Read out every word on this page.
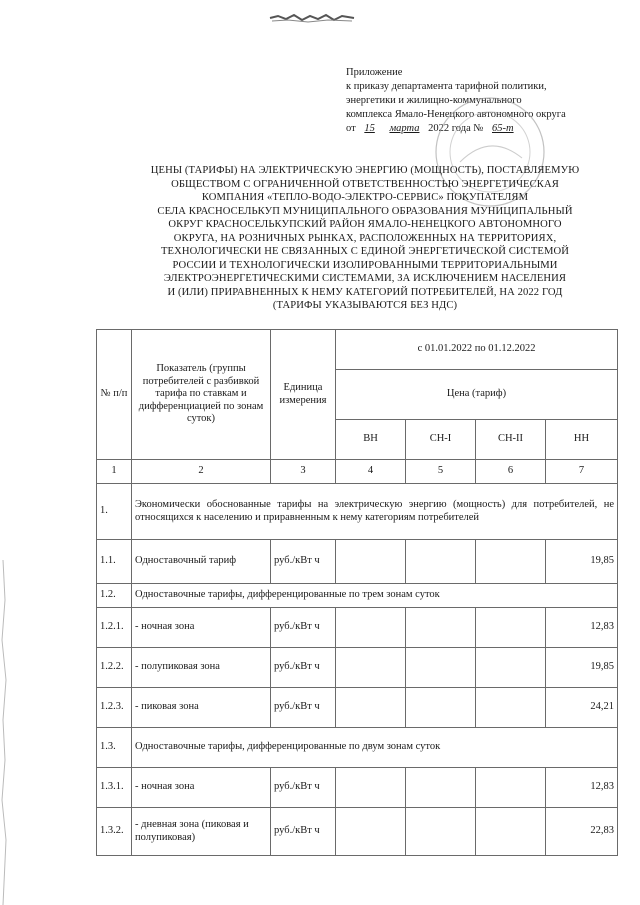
Приложение
к приказу департамента тарифной политики,
энергетики и жилищно-коммунального
комплекса Ямало-Ненецкого автономного округа
от 15 марта 2022 года № 65-т
ЦЕНЫ (ТАРИФЫ) НА ЭЛЕКТРИЧЕСКУЮ ЭНЕРГИЮ (МОЩНОСТЬ), ПОСТАВЛЯЕМУЮ
ОБЩЕСТВОМ С ОГРАНИЧЕННОЙ ОТВЕТСТВЕННОСТЬЮ ЭНЕРГЕТИЧЕСКАЯ
КОМПАНИЯ «ТЕПЛО-ВОДО-ЭЛЕКТРО-СЕРВИС» ПОКУПАТЕЛЯМ
СЕЛА КРАСНОСЕЛЬКУП МУНИЦИПАЛЬНОГО ОБРАЗОВАНИЯ МУНИЦИПАЛЬНЫЙ
ОКРУГ КРАСНОСЕЛЬКУПСКИЙ РАЙОН ЯМАЛО-НЕНЕЦКОГО АВТОНОМНОГО
ОКРУГА, НА РОЗНИЧНЫХ РЫНКАХ, РАСПОЛОЖЕННЫХ НА ТЕРРИТОРИЯХ,
ТЕХНОЛОГИЧЕСКИ НЕ СВЯЗАННЫХ С ЕДИНОЙ ЭНЕРГЕТИЧЕСКОЙ СИСТЕМОЙ
РОССИИ И ТЕХНОЛОГИЧЕСКИ ИЗОЛИРОВАННЫМИ ТЕРРИТОРИАЛЬНЫМИ
ЭЛЕКТРОЭНЕРГЕТИЧЕСКИМИ СИСТЕМАМИ, ЗА ИСКЛЮЧЕНИЕМ НАСЕЛЕНИЯ
И (ИЛИ) ПРИРАВНЕННЫХ К НЕМУ КАТЕГОРИЙ ПОТРЕБИТЕЛЕЙ, НА 2022 ГОД
(ТАРИФЫ УКАЗЫВАЮТСЯ БЕЗ НДС)
№ п/п	Показатель (группы потребителей с разбивкой тарифа по ставкам и дифференциацией по зонам суток)	Единица измерения	с 01.01.2022 по 01.12.2022			
			Цена (тариф)			
			ВН	СН-I	СН-II	НН
1	2	3	4	5	6	7
1.	Экономически обоснованные тарифы на электрическую энергию (мощность) для потребителей, не относящихся к населению и приравненным к нему категориям потребителей					
1.1.	Одноставочный тариф	руб./кВт ч				19,85
1.2.	Одноставочные тарифы, дифференцированные по трем зонам суток					
1.2.1.	- ночная зона	руб./кВт ч				12,83
1.2.2.	- полупиковая зона	руб./кВт ч				19,85
1.2.3.	- пиковая зона	руб./кВт ч				24,21
1.3.	Одноставочные тарифы, дифференцированные по двум зонам суток					
1.3.1.	- ночная зона	руб./кВт ч				12,83
1.3.2.	- дневная зона (пиковая и полупиковая)	руб./кВт ч				22,83
